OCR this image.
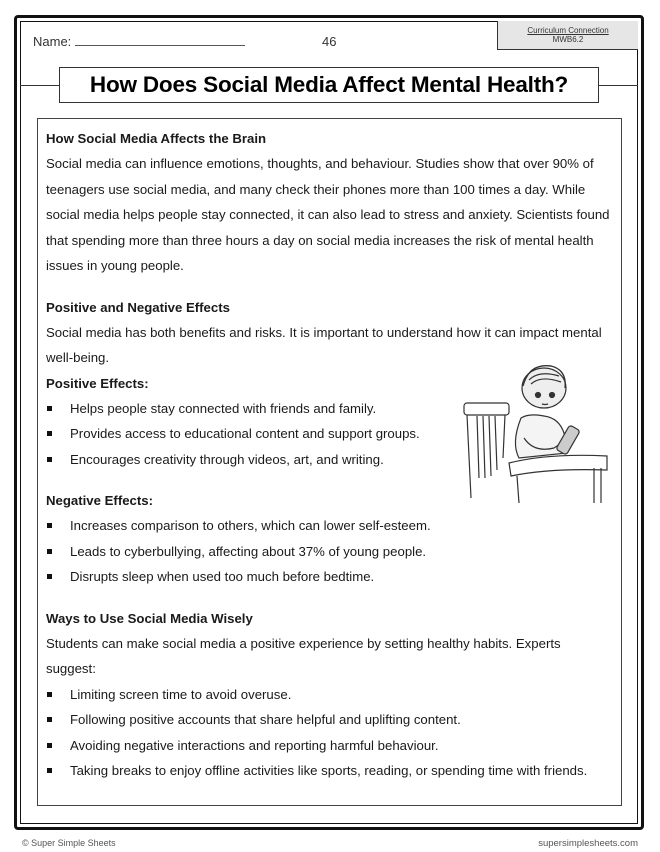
Name:	46
Curriculum Connection
MWB6.2
How Does Social Media Affect Mental Health?
How Social Media Affects the Brain

Social media can influence emotions, thoughts, and behaviour. Studies show that over 90% of teenagers use social media, and many check their phones more than 100 times a day. While social media helps people stay connected, it can also lead to stress and anxiety. Scientists found that spending more than three hours a day on social media increases the risk of mental health issues in young people.

Positive and Negative Effects

Social media has both benefits and risks. It is important to understand how it can impact mental well-being.

Positive Effects:
Helps people stay connected with friends and family.
Provides access to educational content and support groups.
Encourages creativity through videos, art, and writing.
Negative Effects:
Increases comparison to others, which can lower self-esteem.
Leads to cyberbullying, affecting about 37% of young people.
Disrupts sleep when used too much before bedtime.
Ways to Use Social Media Wisely

Students can make social media a positive experience by setting healthy habits. Experts suggest:

Limiting screen time to avoid overuse.
Following positive accounts that share helpful and uplifting content.
Avoiding negative interactions and reporting harmful behaviour.
Taking breaks to enjoy offline activities like sports, reading, or spending time with friends.
© Super Simple Sheets	supersimplesheets.com
